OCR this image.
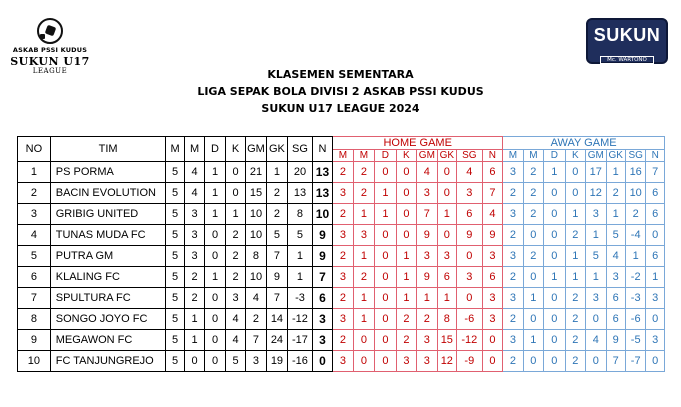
ASKAB PSSI KUDUS
SUKUN U17
LEAGUE
SUKUN
Mc. WARTONO
KLASEMEN SEMENTARA
LIGA SEPAK BOLA DIVISI 2 ASKAB PSSI KUDUS
SUKUN U17 LEAGUE 2024
NO	TIM	M	M	D	K	GM	GK	SG	N	HOME GAME								AWAY GAME							
										M	M	D	K	GM	GK	SG	N	M	M	D	K	GM	GK	SG	N
1	PS PORMA	5	4	1	0	21	1	20	13	2	2	0	0	4	0	4	6	3	2	1	0	17	1	16	7
2	BACIN EVOLUTION	5	4	1	0	15	2	13	13	3	2	1	0	3	0	3	7	2	2	0	0	12	2	10	6
3	GRIBIG UNITED	5	3	1	1	10	2	8	10	2	1	1	0	7	1	6	4	3	2	0	1	3	1	2	6
4	TUNAS MUDA FC	5	3	0	2	10	5	5	9	3	3	0	0	9	0	9	9	2	0	0	2	1	5	-4	0
5	PUTRA GM	5	3	0	2	8	7	1	9	2	1	0	1	3	3	0	3	3	2	0	1	5	4	1	6
6	KLALING FC	5	2	1	2	10	9	1	7	3	2	0	1	9	6	3	6	2	0	1	1	1	3	-2	1
7	SPULTURA FC	5	2	0	3	4	7	-3	6	2	1	0	1	1	1	0	3	3	1	0	2	3	6	-3	3
8	SONGO JOYO FC	5	1	0	4	2	14	-12	3	3	1	0	2	2	8	-6	3	2	0	0	2	0	6	-6	0
9	MEGAWON FC	5	1	0	4	7	24	-17	3	2	0	0	2	3	15	-12	0	3	1	0	2	4	9	-5	3
10	FC TANJUNGREJO	5	0	0	5	3	19	-16	0	3	0	0	3	3	12	-9	0	2	0	0	2	0	7	-7	0
